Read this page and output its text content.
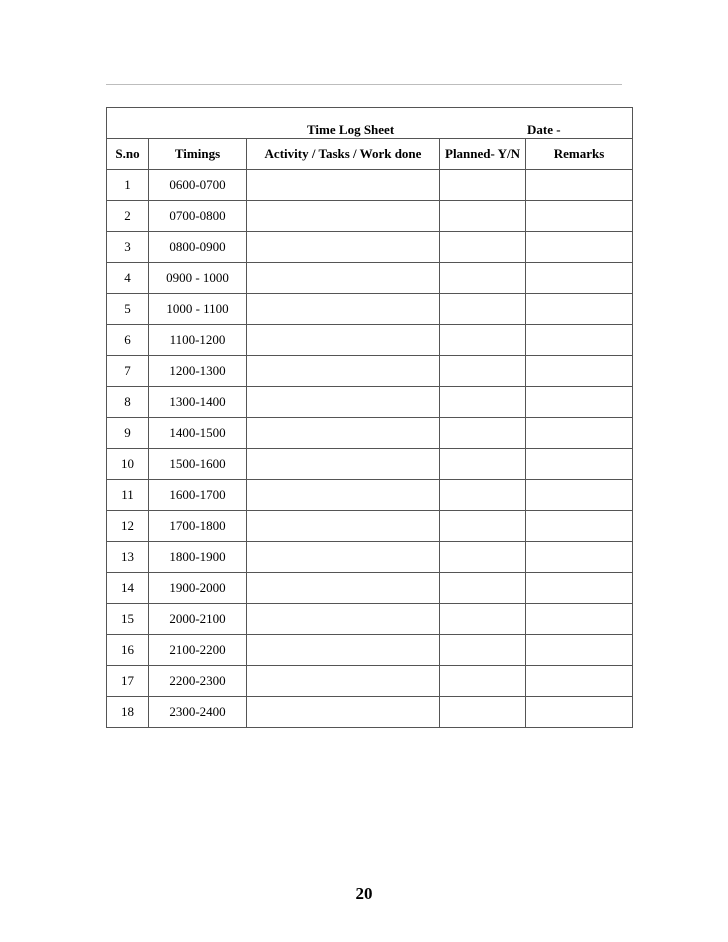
Time Log Sheet Date -				

S.no	Timings	Activity / Tasks / Work done	Planned- Y/N	Remarks
1	0600-0700			
2	0700-0800			
3	0800-0900			
4	0900 - 1000			
5	1000 - 1100			
6	1100-1200			
7	1200-1300			
8	1300-1400			
9	1400-1500			
10	1500-1600			
11	1600-1700			
12	1700-1800			
13	1800-1900			
14	1900-2000			
15	2000-2100			
16	2100-2200			
17	2200-2300			
18	2300-2400			
20
